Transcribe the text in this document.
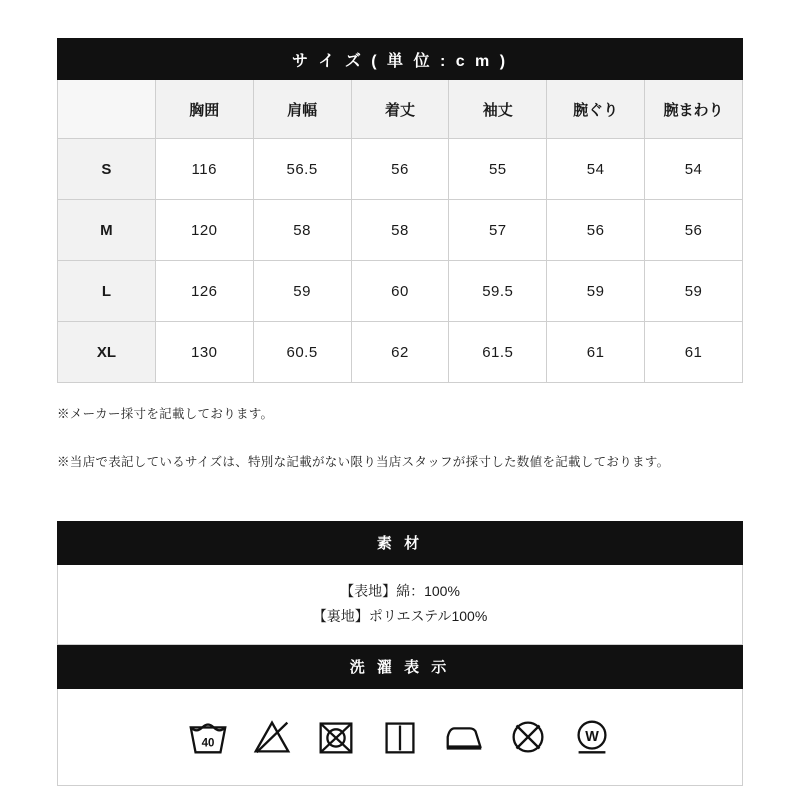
サ イ ズ ( 単 位 : c m )						
	胸囲	肩幅	着丈	袖丈	腕ぐり	腕まわり
S	116	56.5	56	55	54	54
M	120	58	58	57	56	56
L	126	59	60	59.5	59	59
XL	130	60.5	62	61.5	61	61
※メーカー採寸を記載しております。
※当店で表記しているサイズは、特別な記載がない限り当店スタッフが採寸した数値を記載しております。
素 材
【表地】綿：100%
【裏地】ポリエステル100%
洗 濯 表 示
40	W
